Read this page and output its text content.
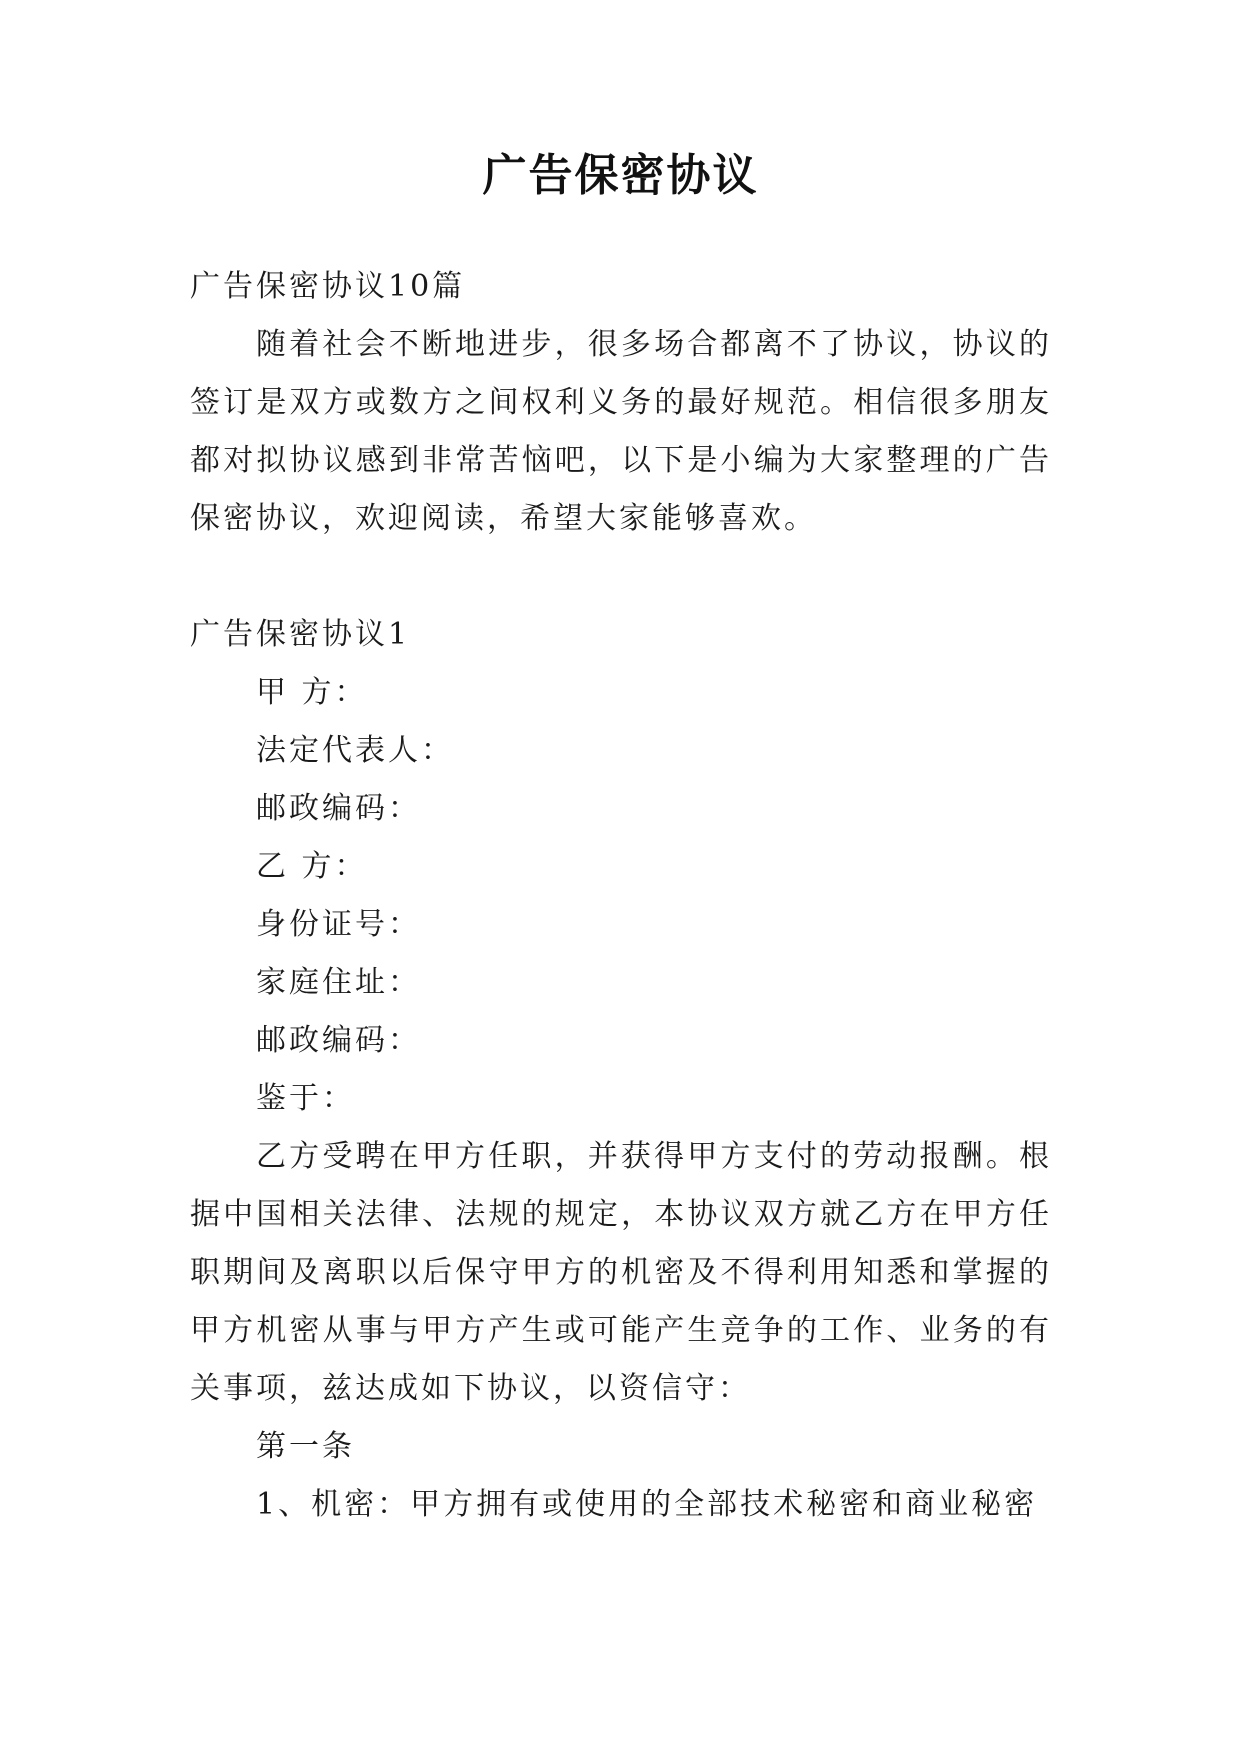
广告保密协议

广告保密协议10篇

随着社会不断地进步，很多场合都离不了协议，协议的签订是双方或数方之间权利义务的最好规范。相信很多朋友都对拟协议感到非常苦恼吧，以下是小编为大家整理的广告保密协议，欢迎阅读，希望大家能够喜欢。

广告保密协议1

甲 方：

法定代表人：

邮政编码：

乙 方：

身份证号：

家庭住址：

邮政编码：

鉴于：

乙方受聘在甲方任职，并获得甲方支付的劳动报酬。根据中国相关法律、法规的规定，本协议双方就乙方在甲方任职期间及离职以后保守甲方的机密及不得利用知悉和掌握的甲方机密从事与甲方产生或可能产生竞争的工作、业务的有关事项，兹达成如下协议，以资信守：

第一条

1、机密：甲方拥有或使用的全部技术秘密和商业秘密
